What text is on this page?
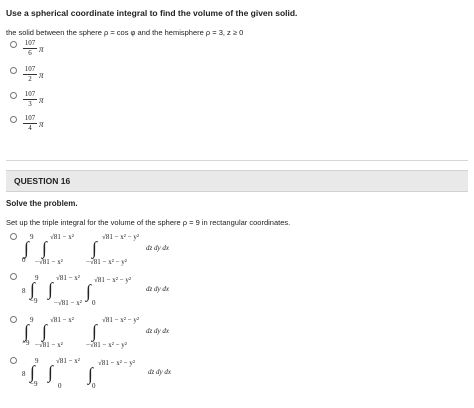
Use a spherical coordinate integral to find the volume of the given solid.
the solid between the sphere ρ = cos φ and the hemisphere ρ = 3, z ≥ 0
$\frac{107}{6}$ π
$\frac{107}{2}$ π
$\frac{107}{3}$ π
$\frac{107}{4}$ π
QUESTION 16
Solve the problem.
Set up the triple integral for the volume of the sphere ρ = 9 in rectangular coordinates.
9
∫
0
√81 − x²
∫
−√81 − x²
√81 − x² − y²
∫
−√81 − x² − y²
dz dy dx
8
9
∫
−9
√81 − x²
∫
−√81 − x²
√81 − x² − y²
∫
0
dz dy dx
9
∫
−9
√81 − x²
∫
−√81 − x²
√81 − x² − y²
∫
−√81 − x² − y²
dz dy dx
8
9
∫
−9
√81 − x²
∫
0
√81 − x² − y²
∫
0
dz dy dx
